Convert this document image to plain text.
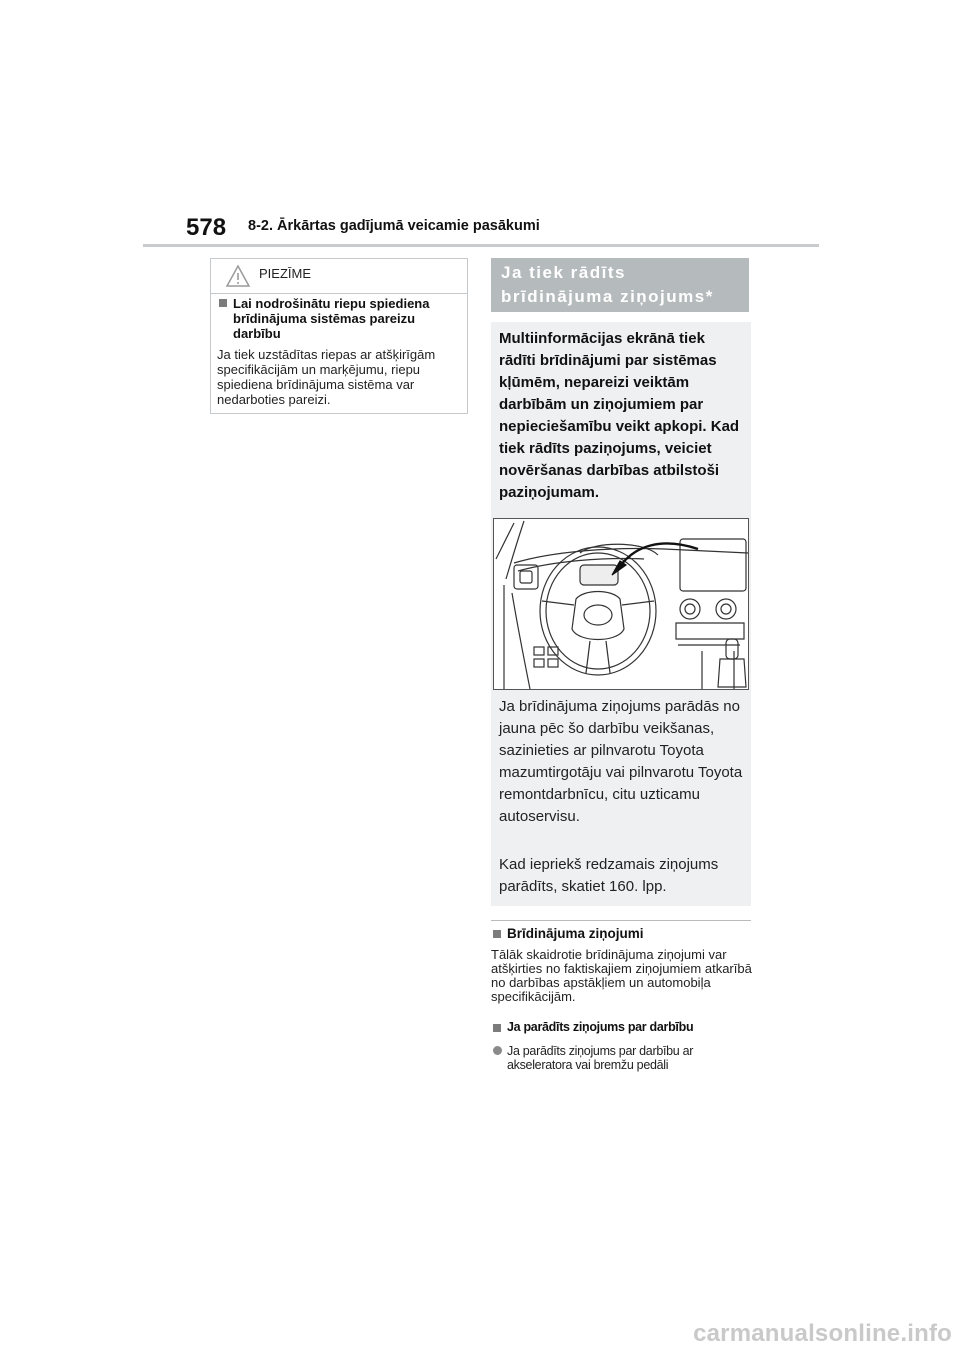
578 8-2. Ārkārtas gadījumā veicamie pasākumi
PIEZĪME
Lai nodrošinātu riepu spiediena brīdinājuma sistēmas pareizu darbību
Ja tiek uzstādītas riepas ar atšķirīgām specifikācijām un marķējumu, riepu spiediena brīdinājuma sistēma var nedarboties pareizi.
Ja tiek rādīts brīdinājuma ziņojums*
Multiinformācijas ekrānā tiek rādīti brīdinājumi par sistēmas kļūmēm, nepareizi veiktām darbībām un ziņojumiem par nepieciešamību veikt apkopi. Kad tiek rādīts paziņojums, veiciet novēršanas darbības atbilstoši paziņojumam.
Ja brīdinājuma ziņojums parādās no jauna pēc šo darbību veikšanas, sazinieties ar pilnvarotu Toyota mazumtirgotāju vai pilnvarotu Toyota remontdarbnīcu, citu uzticamu autoservisu.
Kad iepriekš redzamais ziņojums parādīts, skatiet 160. lpp.
Brīdinājuma ziņojumi
Tālāk skaidrotie brīdinājuma ziņojumi var atšķirties no faktiskajiem ziņojumiem atkarībā no darbības apstākļiem un automobiļa specifikācijām.
Ja parādīts ziņojums par darbību
Ja parādīts ziņojums par darbību ar akseleratora vai bremžu pedāli
carmanualsonline.info
